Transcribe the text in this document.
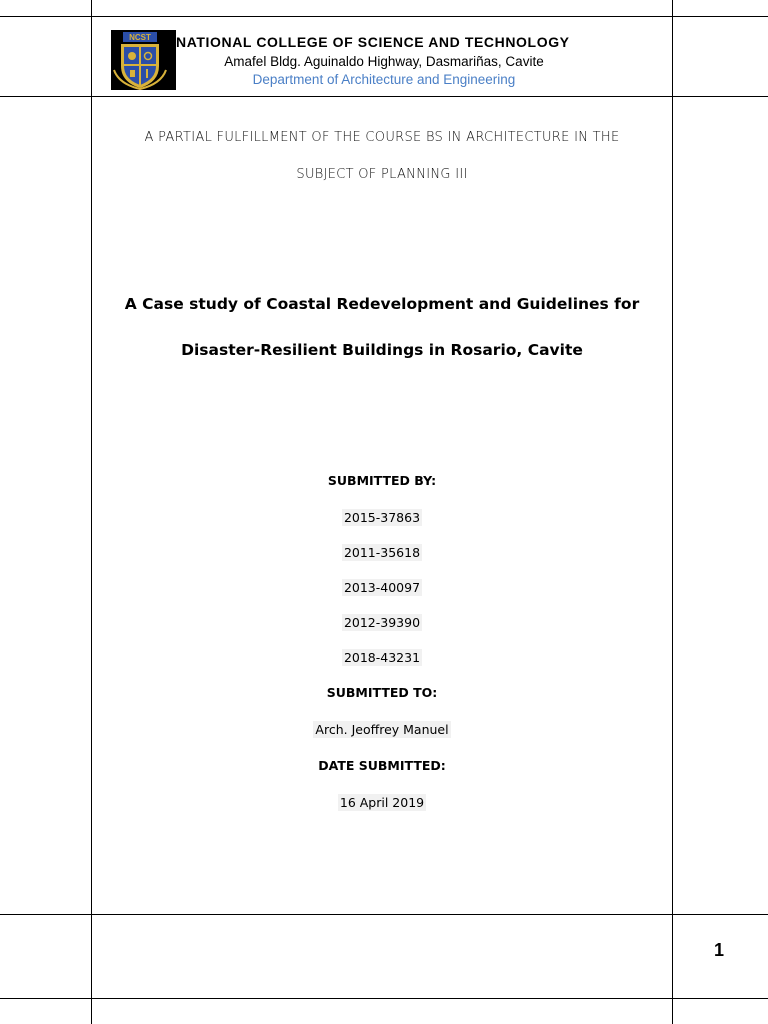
NCST NATIONAL COLLEGE OF SCIENCE AND TECHNOLOGY
Amafel Bldg. Aguinaldo Highway, Dasmariñas, Cavite
Department of Architecture and Engineering
A PARTIAL FULFILLMENT OF THE COURSE BS IN ARCHITECTURE IN THE
SUBJECT OF PLANNING III
A Case study of Coastal Redevelopment and Guidelines for
Disaster-Resilient Buildings in Rosario, Cavite
SUBMITTED BY:
2015-37863
2011-35618
2013-40097
2012-39390
2018-43231
SUBMITTED TO:
Arch. Jeoffrey Manuel
DATE SUBMITTED:
16 April 2019
1
